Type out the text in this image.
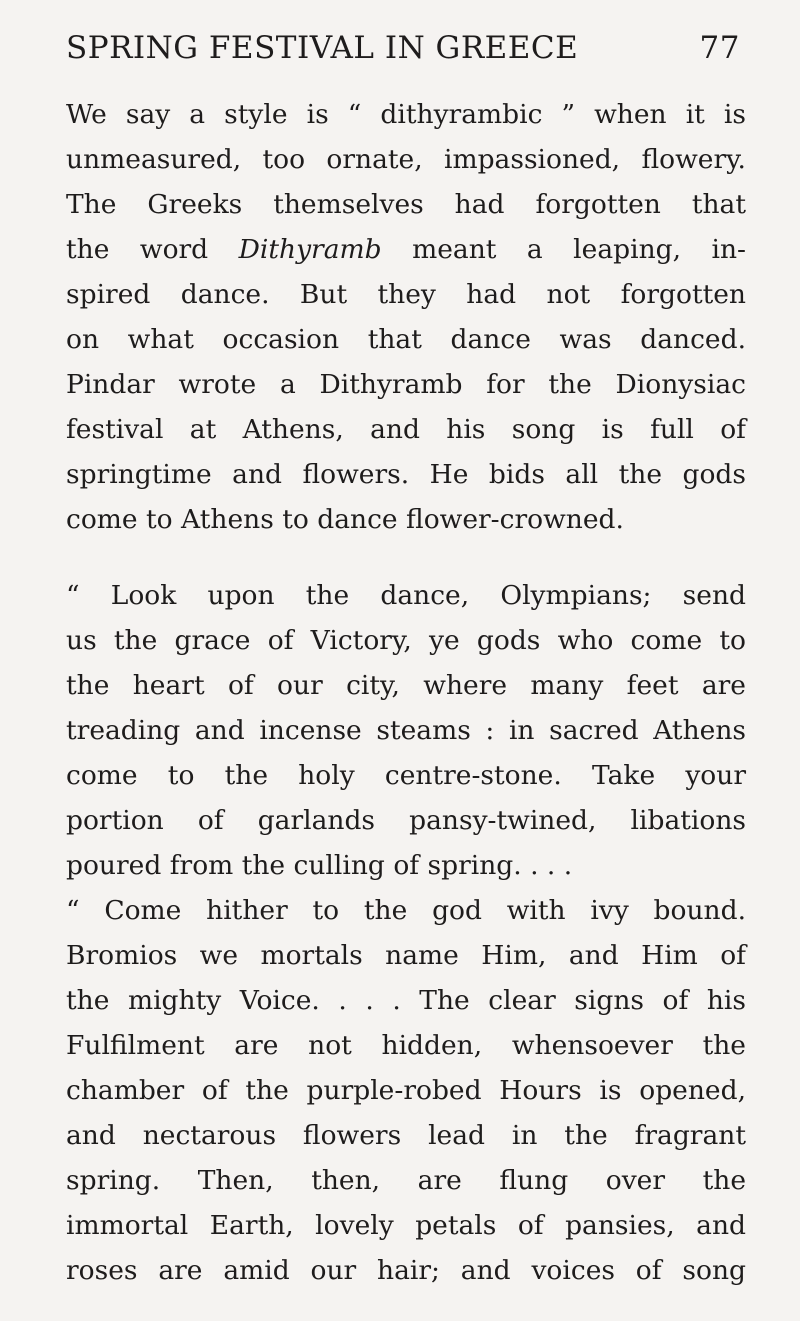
SPRING FESTIVAL IN GREECE	77
We say a style is “ dithyrambic ” when it is
unmeasured, too ornate, impassioned, flowery.
The Greeks themselves had forgotten that
the word Dithyramb meant a leaping, in-
spired dance. But they had not forgotten
on what occasion that dance was danced.
Pindar wrote a Dithyramb for the Dionysiac
festival at Athens, and his song is full of
springtime and flowers. He bids all the gods
come to Athens to dance flower-crowned.
“ Look upon the dance, Olympians; send
us the grace of Victory, ye gods who come to
the heart of our city, where many feet are
treading and incense steams : in sacred Athens
come to the holy centre-stone. Take your
portion of garlands pansy-twined, libations
poured from the culling of spring. . . .
“ Come hither to the god with ivy bound.
Bromios we mortals name Him, and Him of
the mighty Voice. . . . The clear signs of his
Fulfilment are not hidden, whensoever the
chamber of the purple-robed Hours is opened,
and nectarous flowers lead in the fragrant
spring. Then, then, are flung over the
immortal Earth, lovely petals of pansies, and
roses are amid our hair; and voices of song
